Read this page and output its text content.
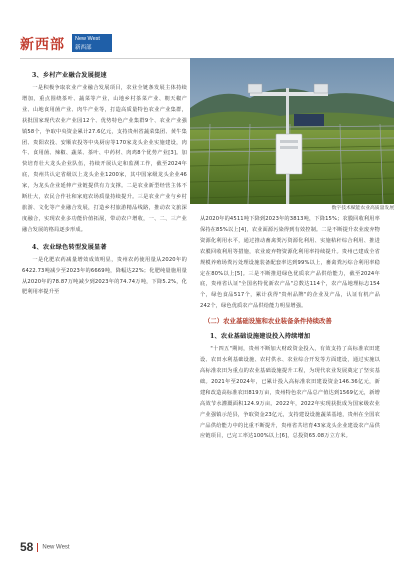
新西部 New West
新西部
数字技术赋能农业高质量发展
3、乡村产业融合发展提速

一是积极争取农业产业融合发展项目，农业全链条发展主体持续增加，重点围绕茶叶、蔬菜等产业，山地乡村茶菜产业、朝天椒产业、山地食用菌产业、肉牛产业等，打造高质量特色农业产业集群，获批国家现代农业产业园12个、优势特色产业集群9个、农业产业强镇58个，争取中央资金累计27.6亿元，支持贵州省蔬菜集团、黄牛集团、贵阳农投、安顺农投等中央厨房等170家龙头企业实施建设，肉牛、食用菌、辣椒、蔬菜、茶叶、中药材、肉鸡8个优势产业[3]。加快培育壮大龙头企业队伍，持续开展认定和监测工作，截至2024年底，贵州共认定省级以上龙头企业1200家，其中国家级龙头企业46家，为龙头企业延伸产业链提供有力支撑。二是农业新型经营主体不断壮大，农民合作社和家庭农场质量持续提升。三是农业产业与乡村旅游、文化等产业融合发展，打造乡村旅游精品线路，推动农文旅深度融合，实现农业多功能价值拓展，带动农户增收，一、二、三产业融合发展的格局逐步形成。

4、农业绿色转型发展显著

一是化肥农药减量增效成效明显，贵州农药使用量从2020年的6422.73吨减少至2023年的6669吨，降幅达22%；化肥纯量施用量从2020年的78.87万吨减少到2023年的74.74万吨，下降5.2%，化肥利用率提升至

从2020年的4511吨下降到2023年的3813吨，下降15%；农膜回收利用率保持在85%以上[4]，农业面源污染得到有效控制。二是不断提升农业废弃物资源化利用水平，通过推动畜禽粪污资源化利用、实施秸秆综合利用、推进农膜回收利用等措施，农业废弃物资源化利用率持续提升。贵州已建成全省规模养殖场粪污处理设施装备配套率达到99%以上，畜禽粪污综合利用率稳定在80%以上[5]。三是不断推进绿色优质农产品供给能力，截至2024年底，贵州省认证"全国名特优新农产品"总数达114个，农产品地理标志154个，绿色食品517个，累计获得"贵州品牌"的企业及产品，认证有机产品242个，绿色优质农产品供给能力明显增强。

（二）农业基础设施和农业装备条件持续改善
1、农业基础设施建设投入持续增加

"十四五"期间，贵州不断加大财政资金投入，有效支持了高标准农田建设、农田水利基础设施、农村供水、农业综合开发等方面建设，通过实施以高标准农田为重点的农业基础设施提升工程，为现代农业发展奠定了坚实基础。2021年至2024年，已累计投入高标准农田建设资金146.36亿元，新建和改造高标准农田819万亩，贵州特色农产品总产值达到1569亿元，新增高效节水灌溉面积124.9万亩。2022年，2022年实现获批成为国家级农业产业强镇示范县，争取资金23亿元，支持建设设施蔬菜基地，贵州在全国农产品供给能力中的比重不断提升，贵州省共培育43家龙头企业建设农产品供应链项目，已完工率达100%以上[6]，总投资65.08万立方米。

58 New West
